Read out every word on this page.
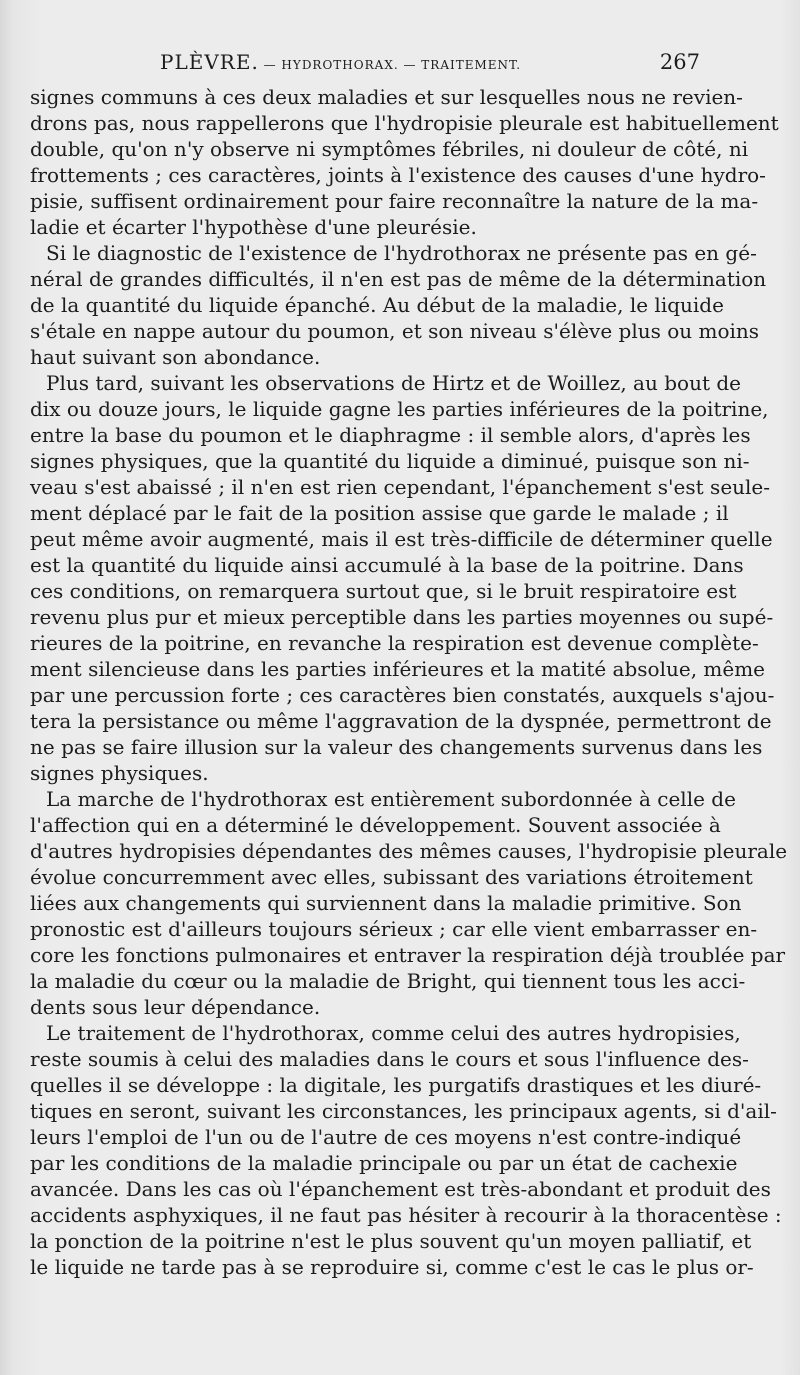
PLÈVRE. — HYDROTHORAX. — TRAITEMENT.	267
signes communs à ces deux maladies et sur lesquelles nous ne revien-
drons pas, nous rappellerons que l'hydropisie pleurale est habituellement
double, qu'on n'y observe ni symptômes fébriles, ni douleur de côté, ni
frottements ; ces caractères, joints à l'existence des causes d'une hydro-
pisie, suffisent ordinairement pour faire reconnaître la nature de la ma-
ladie et écarter l'hypothèse d'une pleurésie.
Si le diagnostic de l'existence de l'hydrothorax ne présente pas en gé-
néral de grandes difficultés, il n'en est pas de même de la détermination
de la quantité du liquide épanché. Au début de la maladie, le liquide
s'étale en nappe autour du poumon, et son niveau s'élève plus ou moins
haut suivant son abondance.
Plus tard, suivant les observations de Hirtz et de Woillez, au bout de
dix ou douze jours, le liquide gagne les parties inférieures de la poitrine,
entre la base du poumon et le diaphragme : il semble alors, d'après les
signes physiques, que la quantité du liquide a diminué, puisque son ni-
veau s'est abaissé ; il n'en est rien cependant, l'épanchement s'est seule-
ment déplacé par le fait de la position assise que garde le malade ; il
peut même avoir augmenté, mais il est très-difficile de déterminer quelle
est la quantité du liquide ainsi accumulé à la base de la poitrine. Dans
ces conditions, on remarquera surtout que, si le bruit respiratoire est
revenu plus pur et mieux perceptible dans les parties moyennes ou supé-
rieures de la poitrine, en revanche la respiration est devenue complète-
ment silencieuse dans les parties inférieures et la matité absolue, même
par une percussion forte ; ces caractères bien constatés, auxquels s'ajou-
tera la persistance ou même l'aggravation de la dyspnée, permettront de
ne pas se faire illusion sur la valeur des changements survenus dans les
signes physiques.
La marche de l'hydrothorax est entièrement subordonnée à celle de
l'affection qui en a déterminé le développement. Souvent associée à
d'autres hydropisies dépendantes des mêmes causes, l'hydropisie pleurale
évolue concurremment avec elles, subissant des variations étroitement
liées aux changements qui surviennent dans la maladie primitive. Son
pronostic est d'ailleurs toujours sérieux ; car elle vient embarrasser en-
core les fonctions pulmonaires et entraver la respiration déjà troublée par
la maladie du cœur ou la maladie de Bright, qui tiennent tous les acci-
dents sous leur dépendance.
Le traitement de l'hydrothorax, comme celui des autres hydropisies,
reste soumis à celui des maladies dans le cours et sous l'influence des-
quelles il se développe : la digitale, les purgatifs drastiques et les diuré-
tiques en seront, suivant les circonstances, les principaux agents, si d'ail-
leurs l'emploi de l'un ou de l'autre de ces moyens n'est contre-indiqué
par les conditions de la maladie principale ou par un état de cachexie
avancée. Dans les cas où l'épanchement est très-abondant et produit des
accidents asphyxiques, il ne faut pas hésiter à recourir à la thoracentèse :
la ponction de la poitrine n'est le plus souvent qu'un moyen palliatif, et
le liquide ne tarde pas à se reproduire si, comme c'est le cas le plus or-
